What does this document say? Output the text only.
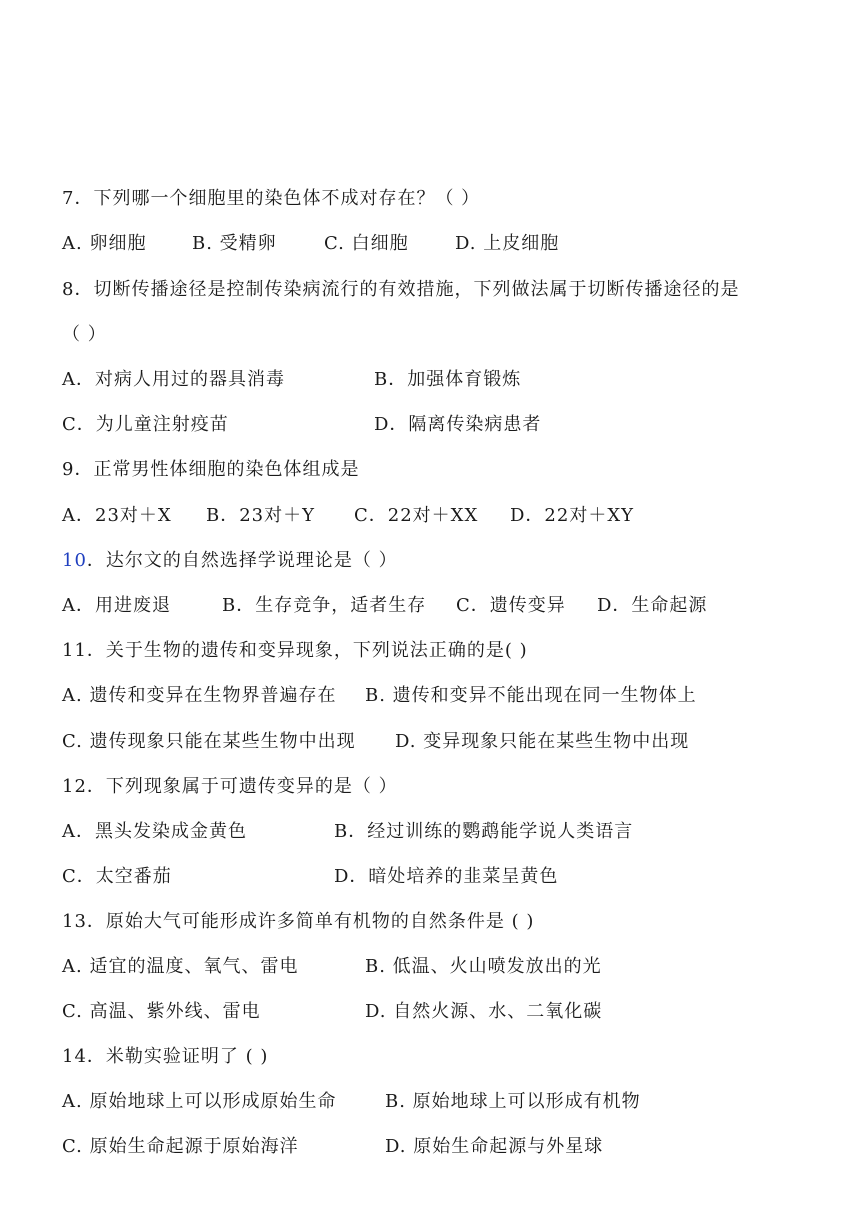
7．下列哪一个细胞里的染色体不成对存在？（ ）
A. 卵细胞	B. 受精卵	C. 白细胞	D. 上皮细胞
8．切断传播途径是控制传染病流行的有效措施，下列做法属于切断传播途径的是
（ ）
A．对病人用过的器具消毒	B．加强体育锻炼
C．为儿童注射疫苗	D．隔离传染病患者
9．正常男性体细胞的染色体组成是
A．23对＋X B．23对＋Y C．22对＋XX D．22对＋XY
10．达尔文的自然选择学说理论是（ ）
A．用进废退	B．生存竞争，适者生存 C．遗传变异 D．生命起源
11．关于生物的遗传和变异现象，下列说法正确的是( )
A. 遗传和变异在生物界普遍存在 B. 遗传和变异不能出现在同一生物体上
C. 遗传现象只能在某些生物中出现 D. 变异现象只能在某些生物中出现
12．下列现象属于可遗传变异的是（ ）
A．黑头发染成金黄色	B．经过训练的鹦鹉能学说人类语言
C．太空番茄	D．暗处培养的韭菜呈黄色
13．原始大气可能形成许多简单有机物的自然条件是 ( )
A. 适宜的温度、氧气、雷电	B. 低温、火山喷发放出的光
C. 高温、紫外线、雷电	D. 自然火源、水、二氧化碳
14．米勒实验证明了 ( )
A. 原始地球上可以形成原始生命	B. 原始地球上可以形成有机物
C. 原始生命起源于原始海洋	D. 原始生命起源与外星球
